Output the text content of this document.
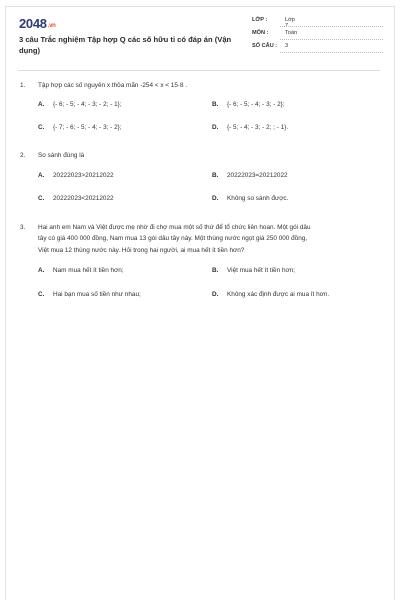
2048.vn
3 câu Trắc nghiệm Tập hợp Q các số hữu tỉ có đáp án (Vận dụng)
LỚP :	Lớp 7
MÔN :	Toán
SỐ CÂU :	3
1. Tập hợp các số nguyên x thỏa mãn -254 < x < 15·8 .
A. {- 6; - 5; - 4; - 3; - 2; - 1};	B. {- 6; - 5; - 4; - 3; - 2};
C. {- 7; - 6; - 5; - 4; - 3; - 2};	D. {- 5; - 4; - 3; - 2; ; - 1}.
2. So sánh đúng là
A. 20222023>20212022	B. 20222023=20212022
C. 20222023<20212022	D. Không so sánh được.
3. Hai anh em Nam và Việt được mẹ nhờ đi chợ mua một số thứ để tổ chức liên hoan. Một gói dâu
tây có giá 400 000 đồng, Nam mua 13 gói dâu tây này. Một thùng nước ngọt giá 250 000 đồng,
Việt mua 12 thùng nước này. Hỏi trong hai người, ai mua hết ít tiền hơn?
A. Nam mua hết ít tiền hơn;	B. Việt mua hết ít tiền hơn;
C. Hai bạn mua số tiền như nhau;	D. Không xác định được ai mua ít hơn.
